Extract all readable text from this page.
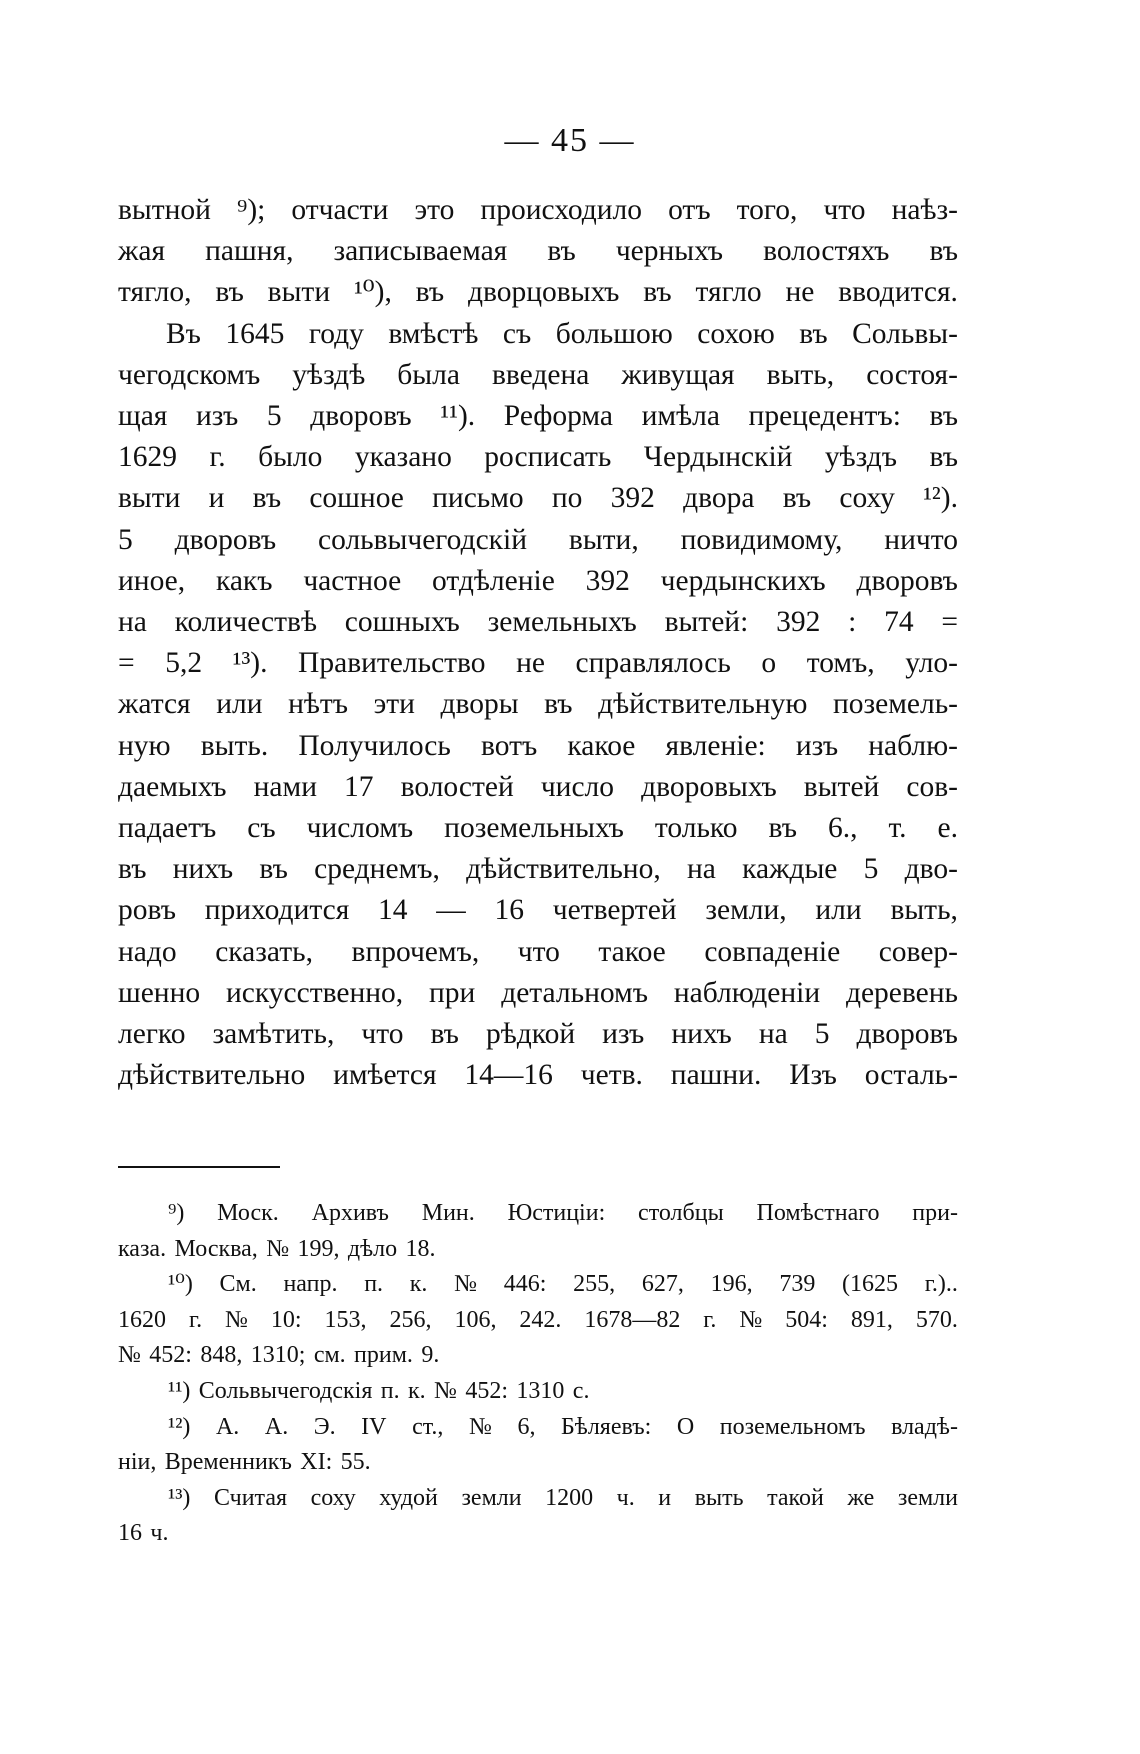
— 45 —
вытной ⁹); отчасти это происходило отъ того, что наѣз-
жая пашня, записываемая въ черныхъ волостяхъ въ
тягло, въ выти ¹⁰), въ дворцовыхъ въ тягло не вводится.
Въ 1645 году вмѣстѣ съ большою сохою въ Сольвы-
чегодскомъ уѣздѣ была введена живущая выть, состоя-
щая изъ 5 дворовъ ¹¹). Реформа имѣла прецедентъ: въ
1629 г. было указано росписать Чердынскій уѣздъ въ
выти и въ сошное письмо по 392 двора въ соху ¹²).
5 дворовъ сольвычегодскій выти, повидимому, ничто
иное, какъ частное отдѣленіе 392 чердынскихъ дворовъ
на количествѣ сошныхъ земельныхъ вытей: 392 : 74 =
= 5,2 ¹³). Правительство не справлялось о томъ, уло-
жатся или нѣтъ эти дворы въ дѣйствительную поземель-
ную выть. Получилось вотъ какое явленіе: изъ наблю-
даемыхъ нами 17 волостей число дворовыхъ вытей сов-
падаетъ съ числомъ поземельныхъ только въ 6., т. е.
въ нихъ въ среднемъ, дѣйствительно, на каждые 5 дво-
ровъ приходится 14 — 16 четвертей земли, или выть,
надо сказать, впрочемъ, что такое совпаденіе совер-
шенно искусственно, при детальномъ наблюденіи деревень
легко замѣтить, что въ рѣдкой изъ нихъ на 5 дворовъ
дѣйствительно имѣется 14—16 четв. пашни. Изъ осталь-
⁹) Моск. Архивъ Мин. Юстиціи: столбцы Помѣстнаго при-
каза. Москва, № 199, дѣло 18.
¹⁰) См. напр. п. к. № 446: 255, 627, 196, 739 (1625 г.)..
1620 г. № 10: 153, 256, 106, 242. 1678—82 г. № 504: 891, 570.
№ 452: 848, 1310; см. прим. 9.
¹¹) Сольвычегодскія п. к. № 452: 1310 с.
¹²) А. А. Э. IV ст., № 6, Бѣляевъ: О поземельномъ владѣ-
ніи, Временникъ XI: 55.
¹³) Считая соху худой земли 1200 ч. и выть такой же земли
16 ч.
